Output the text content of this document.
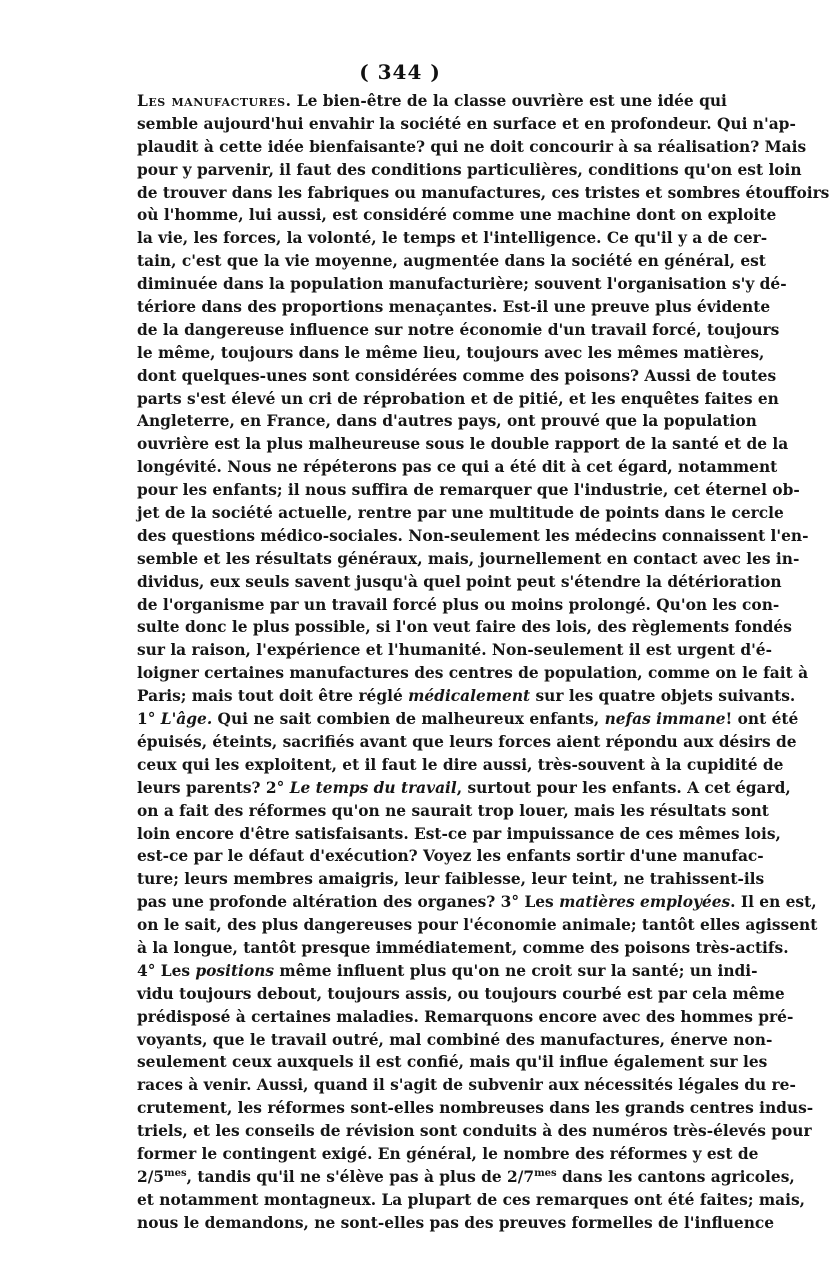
( 344 )
Les manufactures. Le bien-être de la classe ouvrière est une idée qui
semble aujourd'hui envahir la société en surface et en profondeur. Qui n'ap-
plaudit à cette idée bienfaisante? qui ne doit concourir à sa réalisation? Mais
pour y parvenir, il faut des conditions particulières, conditions qu'on est loin
de trouver dans les fabriques ou manufactures, ces tristes et sombres étouffoirs
où l'homme, lui aussi, est considéré comme une machine dont on exploite
la vie, les forces, la volonté, le temps et l'intelligence. Ce qu'il y a de cer-
tain, c'est que la vie moyenne, augmentée dans la société en général, est
diminuée dans la population manufacturière; souvent l'organisation s'y dé-
tériore dans des proportions menaçantes. Est-il une preuve plus évidente
de la dangereuse influence sur notre économie d'un travail forcé, toujours
le même, toujours dans le même lieu, toujours avec les mêmes matières,
dont quelques-unes sont considérées comme des poisons? Aussi de toutes
parts s'est élevé un cri de réprobation et de pitié, et les enquêtes faites en
Angleterre, en France, dans d'autres pays, ont prouvé que la population
ouvrière est la plus malheureuse sous le double rapport de la santé et de la
longévité. Nous ne répéterons pas ce qui a été dit à cet égard, notamment
pour les enfants; il nous suffira de remarquer que l'industrie, cet éternel ob-
jet de la société actuelle, rentre par une multitude de points dans le cercle
des questions médico-sociales. Non-seulement les médecins connaissent l'en-
semble et les résultats généraux, mais, journellement en contact avec les in-
dividus, eux seuls savent jusqu'à quel point peut s'étendre la détérioration
de l'organisme par un travail forcé plus ou moins prolongé. Qu'on les con-
sulte donc le plus possible, si l'on veut faire des lois, des règlements fondés
sur la raison, l'expérience et l'humanité. Non-seulement il est urgent d'é-
loigner certaines manufactures des centres de population, comme on le fait à
Paris; mais tout doit être réglé médicalement sur les quatre objets suivants.
1° L'âge. Qui ne sait combien de malheureux enfants, nefas immane! ont été
épuisés, éteints, sacrifiés avant que leurs forces aient répondu aux désirs de
ceux qui les exploitent, et il faut le dire aussi, très-souvent à la cupidité de
leurs parents? 2° Le temps du travail, surtout pour les enfants. A cet égard,
on a fait des réformes qu'on ne saurait trop louer, mais les résultats sont
loin encore d'être satisfaisants. Est-ce par impuissance de ces mêmes lois,
est-ce par le défaut d'exécution? Voyez les enfants sortir d'une manufac-
ture; leurs membres amaigris, leur faiblesse, leur teint, ne trahissent-ils
pas une profonde altération des organes? 3° Les matières employées. Il en est,
on le sait, des plus dangereuses pour l'économie animale; tantôt elles agissent
à la longue, tantôt presque immédiatement, comme des poisons très-actifs.
4° Les positions même influent plus qu'on ne croit sur la santé; un indi-
vidu toujours debout, toujours assis, ou toujours courbé est par cela même
prédisposé à certaines maladies. Remarquons encore avec des hommes pré-
voyants, que le travail outré, mal combiné des manufactures, énerve non-
seulement ceux auxquels il est confié, mais qu'il influe également sur les
races à venir. Aussi, quand il s'agit de subvenir aux nécessités légales du re-
crutement, les réformes sont-elles nombreuses dans les grands centres indus-
triels, et les conseils de révision sont conduits à des numéros très-élevés pour
former le contingent exigé. En général, le nombre des réformes y est de
$2/5^{mes}$, tandis qu'il ne s'élève pas à plus de $2/7^{mes}$ dans les cantons agricoles,
et notamment montagneux. La plupart de ces remarques ont été faites; mais,
nous le demandons, ne sont-elles pas des preuves formelles de l'influence
